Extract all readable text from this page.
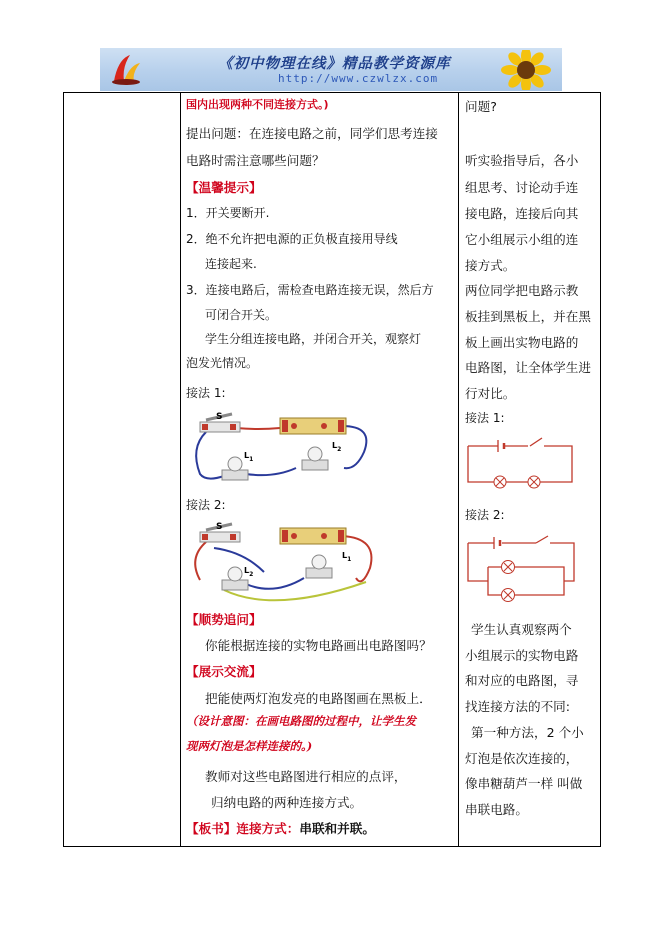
《初中物理在线》精品教学资源库
http://www.czwlzx.com
国内出现两种不同连接方式。)
提出问题：在连接电路之前，同学们思考连接
电路时需注意哪些问题？
【温馨提示】
1．开关要断开.
2．绝不允许把电源的正负极直接用导线
连接起来.
3．连接电路后，需检查电路连接无误，然后方
可闭合开关。
学生分组连接电路，并闭合开关，观察灯
泡发光情况。
接法 1:
S
$L_1$
$L_2$
接法 2:
S
$L_2$
$L_1$
【顺势追问】
你能根据连接的实物电路画出电路图吗？
【展示交流】
把能使两灯泡发亮的电路图画在黑板上．
（设计意图：在画电路图的过程中，让学生发
现两灯泡是怎样连接的。)
教师对这些电路图进行相应的点评，
归纳电路的两种连接方式。
【板书】连接方式：串联和并联。
问题?
听实验指导后，各小
组思考、讨论动手连
接电路，连接后向其
它小组展示小组的连
接方式。
两位同学把电路示教
板挂到黑板上，并在黑
板上画出实物电路的
电路图，让全体学生进
行对比。
接法 1:
接法 2:
学生认真观察两个
小组展示的实物电路
和对应的电路图，寻
找连接方法的不同:
第一种方法，2 个小
灯泡是依次连接的，
像串糖葫芦一样 叫做
串联电路。
